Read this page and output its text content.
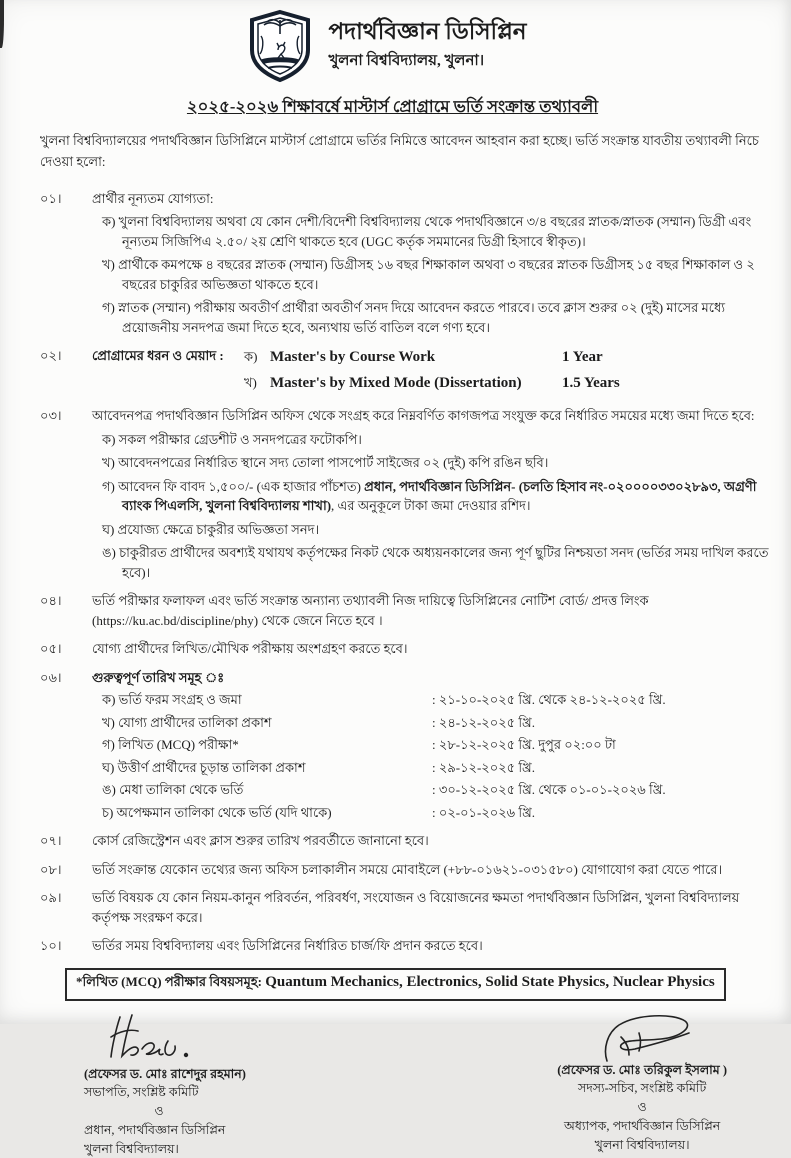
পদার্থবিজ্ঞান ডিসিপ্লিন
খুলনা বিশ্ববিদ্যালয়, খুলনা।
২০২৫-২০২৬ শিক্ষাবর্ষে মাস্টার্স প্রোগ্রামে ভর্তি সংক্রান্ত তথ্যাবলী
খুলনা বিশ্ববিদ্যালয়ের পদার্থবিজ্ঞান ডিসিপ্লিনে মাস্টার্স প্রোগ্রামে ভর্তির নিমিত্তে আবেদন আহবান করা হচ্ছে। ভর্তি সংক্রান্ত যাবতীয় তথ্যাবলী নিচে দেওয়া হলো:
০১।	প্রার্থীর নূন্যতম যোগ্যতা:
ক) খুলনা বিশ্ববিদ্যালয় অথবা যে কোন দেশী/বিদেশী বিশ্ববিদ্যালয় থেকে পদার্থবিজ্ঞানে ৩/৪ বছরের স্নাতক/স্নাতক (সম্মান) ডিগ্রী এবং নূন্যতম সিজিপিএ ২.৫০/ ২য় শ্রেণি থাকতে হবে (UGC কর্তৃক সমমানের ডিগ্রী হিসাবে স্বীকৃত)।
খ) প্রার্থীকে কমপক্ষে ৪ বছরের স্নাতক (সম্মান) ডিগ্রীসহ ১৬ বছর শিক্ষাকাল অথবা ৩ বছরের স্নাতক ডিগ্রীসহ ১৫ বছর শিক্ষাকাল ও ২ বছরের চাকুরির অভিজ্ঞতা থাকতে হবে।
গ) স্নাতক (সম্মান) পরীক্ষায় অবতীর্ণ প্রার্থীরা অবতীর্ণ সনদ দিয়ে আবেদন করতে পারবে। তবে ক্লাস শুরুর ০২ (দুই) মাসের মধ্যে প্রয়োজনীয় সনদপত্র জমা দিতে হবে, অন্যথায় ভর্তি বাতিল বলে গণ্য হবে।
০২।	প্রোগ্রামের ধরন ও মেয়াদ :	ক) Master's by Course Work	1 Year
খ) Master's by Mixed Mode (Dissertation)	1.5 Years
০৩।	আবেদনপত্র পদার্থবিজ্ঞান ডিসিপ্লিন অফিস থেকে সংগ্রহ করে নিম্নবর্ণিত কাগজপত্র সংযুক্ত করে নির্ধারিত সময়ের মধ্যে জমা দিতে হবে:
ক) সকল পরীক্ষার গ্রেডশীট ও সনদপত্রের ফটোকপি।
খ) আবেদনপত্রের নির্ধারিত স্থানে সদ্য তোলা পাসপোর্ট সাইজের ০২ (দুই) কপি রঙিন ছবি।
গ) আবেদন ফি বাবদ ১,৫০০/- (এক হাজার পাঁচশত) প্রধান, পদার্থবিজ্ঞান ডিসিপ্লিন- (চলতি হিসাব নং-০২০০০০৩৩০২৮৯৩, অগ্রণী ব্যাংক পিএলসি, খুলনা বিশ্ববিদ্যালয় শাখা), এর অনুকূলে টাকা জমা দেওয়ার রশিদ।
ঘ) প্রযোজ্য ক্ষেত্রে চাকুরীর অভিজ্ঞতা সনদ।
ঙ) চাকুরীরত প্রার্থীদের অবশ্যই যথাযথ কর্তৃপক্ষের নিকট থেকে অধ্যয়নকালের জন্য পূর্ণ ছুটির নিশ্চয়তা সনদ (ভর্তির সময় দাখিল করতে হবে)।
০৪।	ভর্তি পরীক্ষার ফলাফল এবং ভর্তি সংক্রান্ত অন্যান্য তথ্যাবলী নিজ দায়িত্বে ডিসিপ্লিনের নোটিশ বোর্ড/ প্রদত্ত লিংক (https://ku.ac.bd/discipline/phy) থেকে জেনে নিতে হবে ।
০৫।	যোগ্য প্রার্থীদের লিখিত/মৌখিক পরীক্ষায় অংশগ্রহণ করতে হবে।
০৬।	গুরুত্বপূর্ণ তারিখ সমূহ ঃ
ক) ভর্তি ফরম সংগ্রহ ও জমা	: ২১-১০-২০২৫ খ্রি. থেকে ২৪-১২-২০২৫ খ্রি.
খ) যোগ্য প্রার্থীদের তালিকা প্রকাশ	: ২৪-১২-২০২৫ খ্রি.
গ) লিখিত (MCQ) পরীক্ষা*	: ২৮-১২-২০২৫ খ্রি. দুপুর ০২:০০ টা
ঘ) উত্তীর্ণ প্রার্থীদের চূড়ান্ত তালিকা প্রকাশ	: ২৯-১২-২০২৫ খ্রি.
ঙ) মেধা তালিকা থেকে ভর্তি	: ৩০-১২-২০২৫ খ্রি. থেকে ০১-০১-২০২৬ খ্রি.
চ) অপেক্ষমান তালিকা থেকে ভর্তি (যদি থাকে)	: ০২-০১-২০২৬ খ্রি.
০৭।	কোর্স রেজিস্ট্রেশন এবং ক্লাস শুরুর তারিখ পরবর্তীতে জানানো হবে।
০৮।	ভর্তি সংক্রান্ত যেকোন তথ্যের জন্য অফিস চলাকালীন সময়ে মোবাইলে (+৮৮-০১৬২১-০৩১৫৮০) যোগাযোগ করা যেতে পারে।
০৯।	ভর্তি বিষয়ক যে কোন নিয়ম-কানুন পরিবর্তন, পরিবর্ধণ, সংযোজন ও বিয়োজনের ক্ষমতা পদার্থবিজ্ঞান ডিসিপ্লিন, খুলনা বিশ্ববিদ্যালয় কর্তৃপক্ষ সংরক্ষণ করে।
১০।	ভর্তির সময় বিশ্ববিদ্যালয় এবং ডিসিপ্লিনের নির্ধারিত চার্জ/ফি প্রদান করতে হবে।
*লিখিত (MCQ) পরীক্ষার বিষয়সমূহ: Quantum Mechanics, Electronics, Solid State Physics, Nuclear Physics
(প্রফেসর ড. মোঃ রাশেদুর রহমান)
সভাপতি, সংশ্লিষ্ট কমিটি
ও
প্রধান, পদার্থবিজ্ঞান ডিসিপ্লিন
খুলনা বিশ্ববিদ্যালয়।
(প্রফেসর ড. মোঃ তরিকুল ইসলাম )
সদস্য-সচিব, সংশ্লিষ্ট কমিটি
ও
অধ্যাপক, পদার্থবিজ্ঞান ডিসিপ্লিন
খুলনা বিশ্ববিদ্যালয়।
